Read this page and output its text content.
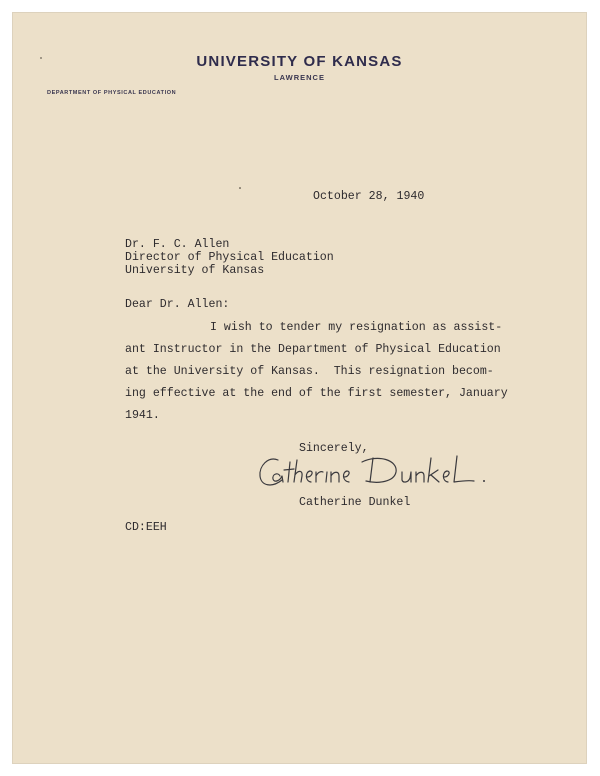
UNIVERSITY OF KANSAS
LAWRENCE
DEPARTMENT OF PHYSICAL EDUCATION
October 28, 1940
Dr. F. C. Allen
Director of Physical Education
University of Kansas
Dear Dr. Allen:
I wish to tender my resignation as assist-
ant Instructor in the Department of Physical Education
at the University of Kansas.  This resignation becom-
ing effective at the end of the first semester, January
1941.
Sincerely,
Catherine Dunkel
CD:EEH
